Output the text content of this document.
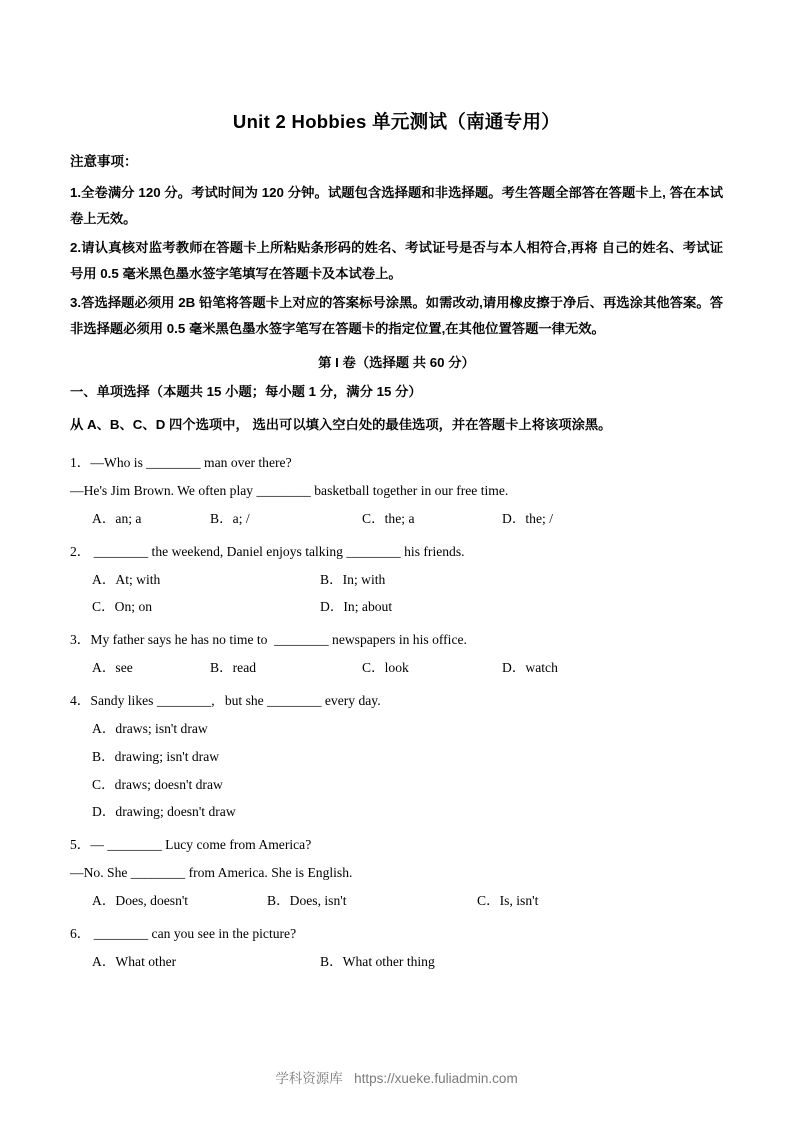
Unit 2 Hobbies 单元测试（南通专用）
注意事项：

1.全卷满分 120 分。考试时间为 120 分钟。试题包含选择题和非选择题。考生答题全部答在答题卡上, 答在本试卷上无效。

2.请认真核对监考教师在答题卡上所粘贴条形码的姓名、考试证号是否与本人相符合,再将 自己的姓名、考试证号用 0.5 毫米黑色墨水签字笔填写在答题卡及本试卷上。

3.答选择题必须用 2B 铅笔将答题卡上对应的答案标号涂黑。如需改动,请用橡皮擦于净后、再选涂其他答案。答非选择题必须用 0.5 毫米黑色墨水签字笔写在答题卡的指定位置,在其他位置答题一律无效。

第 I 卷（选择题 共 60 分）
一、单项选择（本题共 15 小题；每小题 1 分，满分 15 分）
从 A、B、C、D 四个选项中， 选出可以填入空白处的最佳选项，并在答题卡上将该项涂黑。

1．—Who is ________ man over there?

—He's Jim Brown. We often play ________ basketball together in our free time.

A．an; a	B．a; /	C．the; a	D．the; /

2． ________ the weekend, Daniel enjoys talking ________ his friends.

A．At; with	B．In; with
C．On; on	D．In; about

3．My father says he has no time to  ________ newspapers in his office.

A．see	B．read	C．look	D．watch

4．Sandy likes ________,   but she ________ every day.

A．draws; isn't draw
B．drawing; isn't draw
C．draws; doesn't draw
D．drawing; doesn't draw

5．— ________ Lucy come from America?

—No. She ________ from America. She is English.

A．Does, doesn't	B．Does, isn't	C．Is, isn't

6． ________ can you see in the picture?

A．What other	B．What other thing
学科资源库 https://xueke.fuliadmin.com
